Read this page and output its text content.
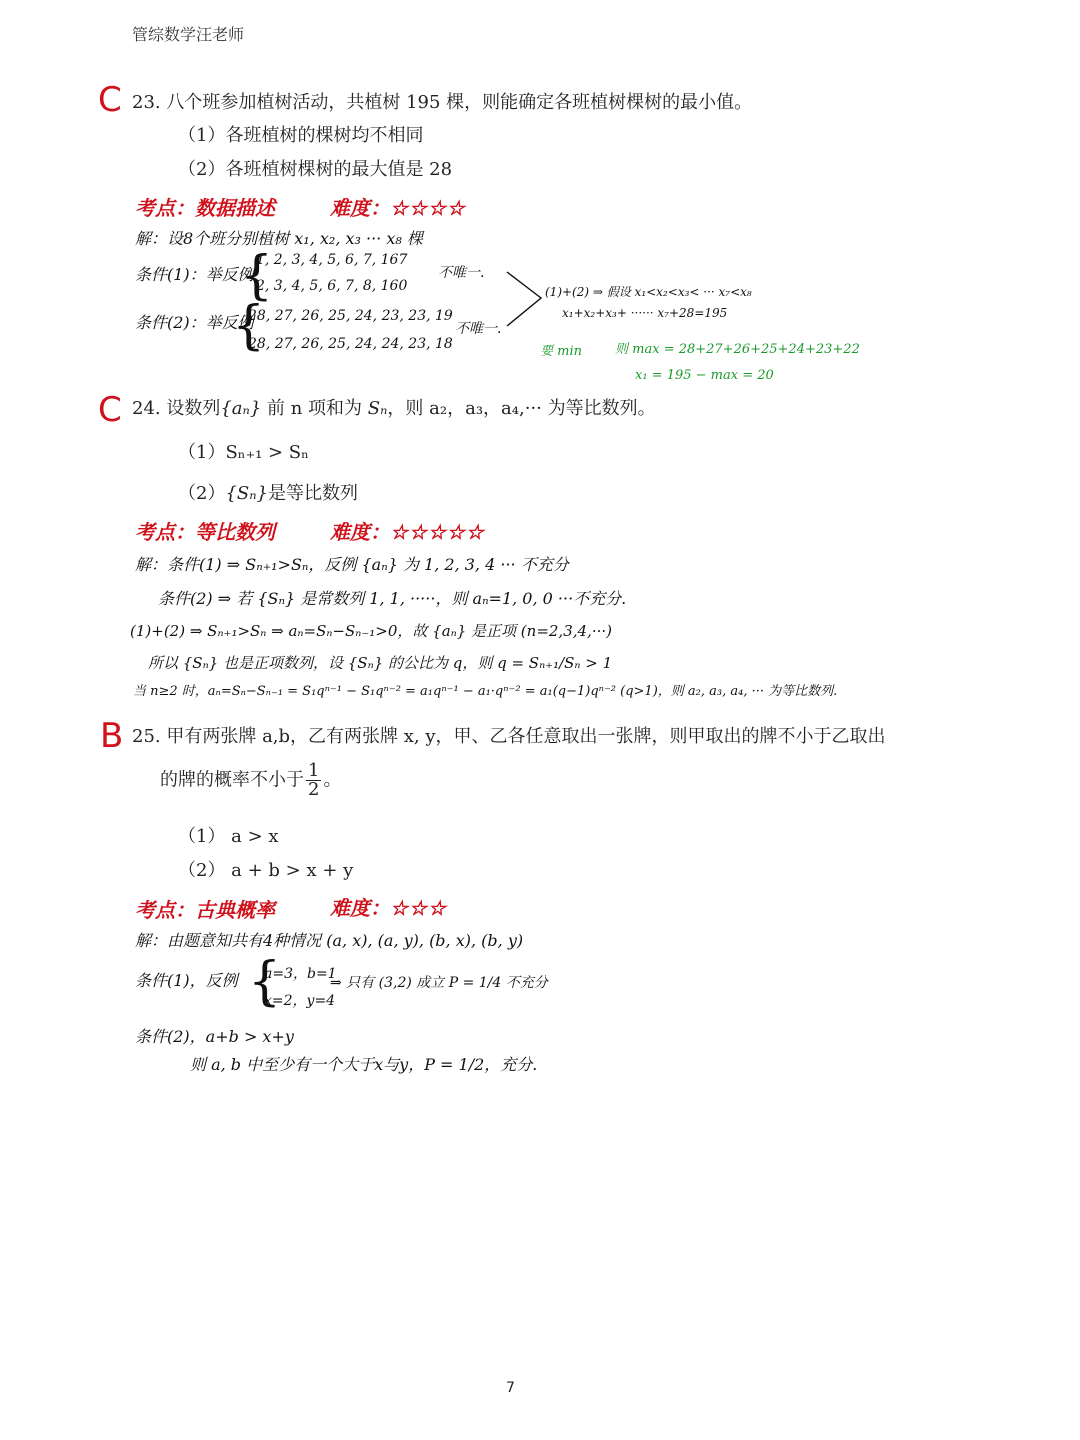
管综数学汪老师
C 23. 八个班参加植树活动，共植树 195 棵，则能确定各班植树棵树的最小值。
（1）各班植树的棵树均不相同
（2）各班植树棵树的最大值是 28
考点：数据描述	难度：☆☆☆☆
解：设8个班分别植树 x₁, x₂, x₃ ··· x₈ 棵
条件(1)：举反例
{
1, 2, 3, 4, 5, 6, 7, 167
2, 3, 4, 5, 6, 7, 8, 160
不唯一.
条件(2)：举反例
{
28, 27, 26, 25, 24, 23, 23, 19
28, 27, 26, 25, 24, 24, 23, 18
不唯一.
(1)+(2) ⇒ 假设 x₁<x₂<x₃< ··· x₇<x₈
x₁+x₂+x₃+ ······ x₇+28=195
要 min	则 max = 28+27+26+25+24+23+22
x₁ = 195 − max = 20
C 24. 设数列{aₙ} 前 n 项和为 Sₙ，则 a₂，a₃，a₄,··· 为等比数列。
（1）Sₙ₊₁ > Sₙ
（2）{Sₙ}是等比数列
考点：等比数列	难度：☆☆☆☆☆
解：条件(1) ⇒ Sₙ₊₁>Sₙ，反例 {aₙ} 为 1, 2, 3, 4 ··· 不充分
条件(2) ⇒ 若 {Sₙ} 是常数列 1, 1, ·····，则 aₙ=1, 0, 0 ···不充分.
(1)+(2) ⇒ Sₙ₊₁>Sₙ ⇒ aₙ=Sₙ−Sₙ₋₁>0，故 {aₙ} 是正项 (n=2,3,4,···)
所以 {Sₙ} 也是正项数列，设 {Sₙ} 的公比为 q，则 q = Sₙ₊₁/Sₙ > 1
当 n≥2 时，aₙ=Sₙ−Sₙ₋₁ = S₁qⁿ⁻¹ − S₁qⁿ⁻² = a₁qⁿ⁻¹ − a₁·qⁿ⁻² = a₁(q−1)qⁿ⁻² (q>1)，则 a₂, a₃, a₄, ··· 为等比数列.
B 25. 甲有两张牌 a,b，乙有两张牌 x, y，甲、乙各任意取出一张牌，则甲取出的牌不小于乙取出
的牌的概率不小于 $\frac{1}{2}$ 。
（1） a > x
（2） a + b > x + y
考点：古典概率	难度：☆☆☆
解：由题意知共有4种情况 (a, x), (a, y), (b, x), (b, y)
条件(1)，反例 {
a=3，b=1
x=2，y=4
⇒ 只有 (3,2) 成立 P = 1/4 不充分
条件(2)，a+b > x+y
则 a, b 中至少有一个大于x与y，P = 1/2，充分.
7
